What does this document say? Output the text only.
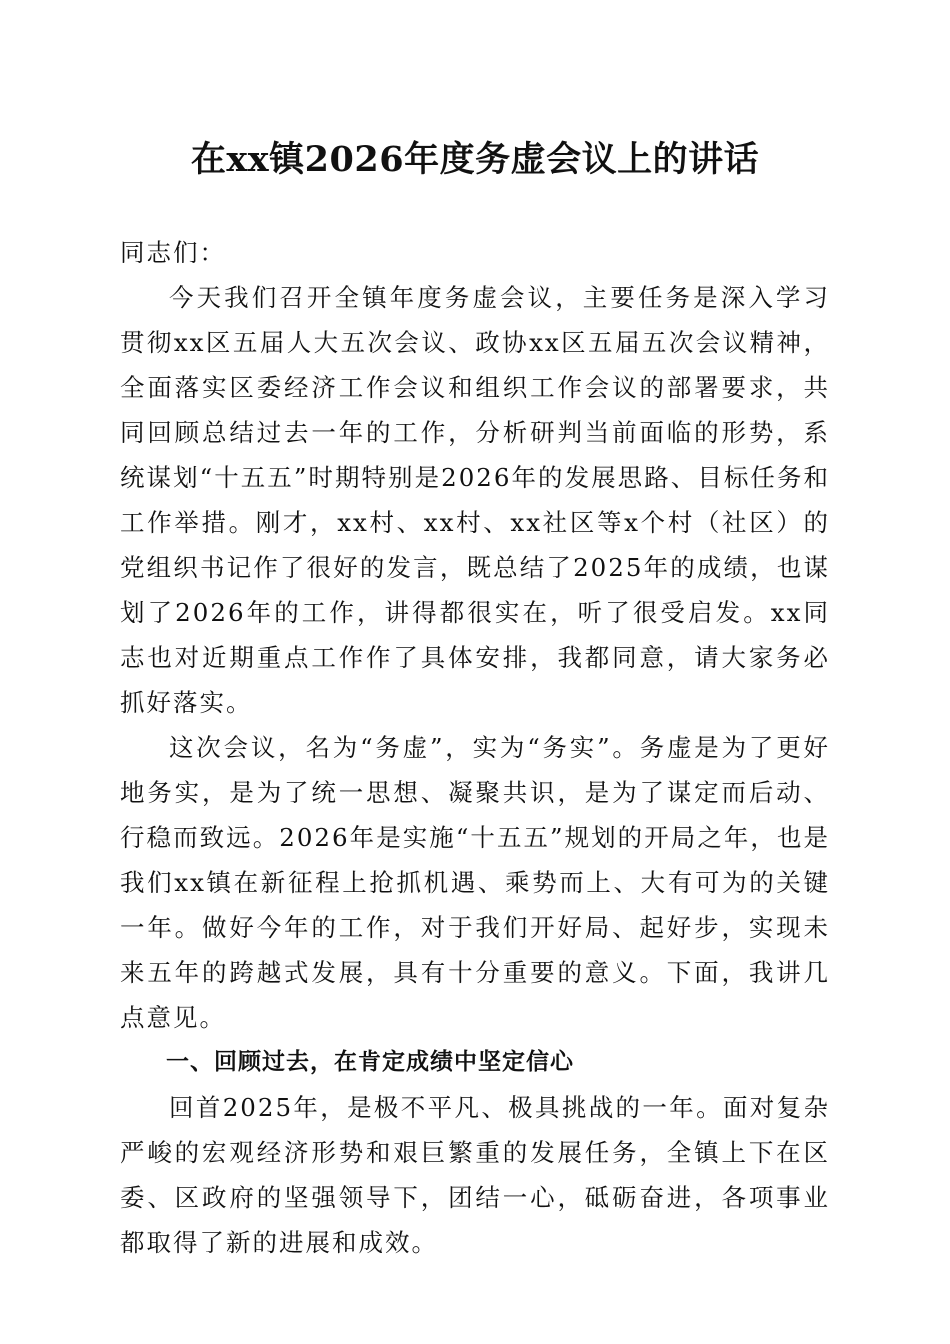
在xx镇2026年度务虚会议上的讲话

同志们：

今天我们召开全镇年度务虚会议，主要任务是深入学习贯彻xx区五届人大五次会议、政协xx区五届五次会议精神，全面落实区委经济工作会议和组织工作会议的部署要求，共同回顾总结过去一年的工作，分析研判当前面临的形势，系统谋划“十五五”时期特别是2026年的发展思路、目标任务和工作举措。刚才，xx村、xx村、xx社区等x个村（社区）的党组织书记作了很好的发言，既总结了2025年的成绩，也谋划了2026年的工作，讲得都很实在，听了很受启发。xx同志也对近期重点工作作了具体安排，我都同意，请大家务必抓好落实。

这次会议，名为“务虚”，实为“务实”。务虚是为了更好地务实，是为了统一思想、凝聚共识，是为了谋定而后动、行稳而致远。2026年是实施“十五五”规划的开局之年，也是我们xx镇在新征程上抢抓机遇、乘势而上、大有可为的关键一年。做好今年的工作，对于我们开好局、起好步，实现未来五年的跨越式发展，具有十分重要的意义。下面，我讲几点意见。

一、回顾过去，在肯定成绩中坚定信心

回首2025年，是极不平凡、极具挑战的一年。面对复杂严峻的宏观经济形势和艰巨繁重的发展任务，全镇上下在区委、区政府的坚强领导下，团结一心，砥砺奋进，各项事业都取得了新的进展和成效。
